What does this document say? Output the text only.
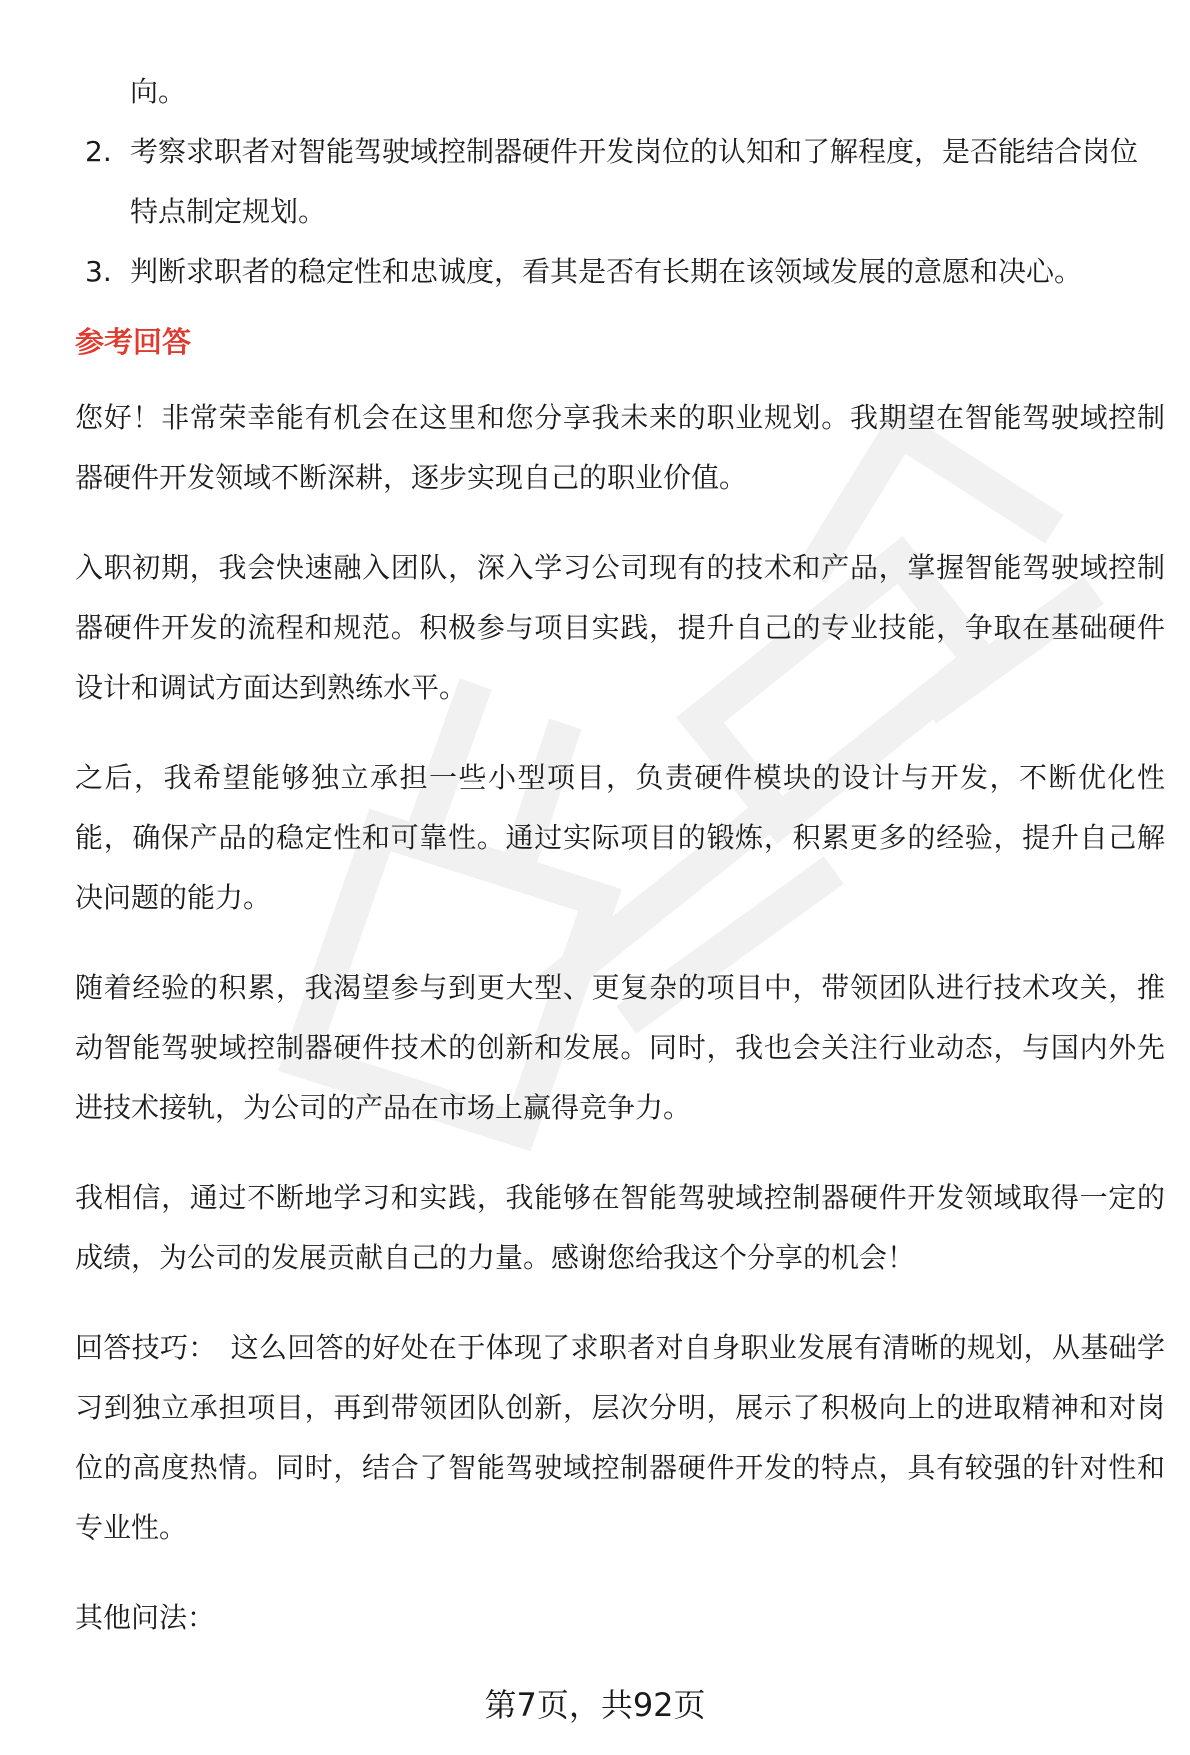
向。
2. 考察求职者对智能驾驶域控制器硬件开发岗位的认知和了解程度，是否能结合岗位特点制定规划。
3. 判断求职者的稳定性和忠诚度，看其是否有长期在该领域发展的意愿和决心。
参考回答

您好！非常荣幸能有机会在这里和您分享我未来的职业规划。我期望在智能驾驶域控制器硬件开发领域不断深耕，逐步实现自己的职业价值。

入职初期，我会快速融入团队，深入学习公司现有的技术和产品，掌握智能驾驶域控制器硬件开发的流程和规范。积极参与项目实践，提升自己的专业技能，争取在基础硬件设计和调试方面达到熟练水平。

之后，我希望能够独立承担一些小型项目，负责硬件模块的设计与开发，不断优化性能，确保产品的稳定性和可靠性。通过实际项目的锻炼，积累更多的经验，提升自己解决问题的能力。

随着经验的积累，我渴望参与到更大型、更复杂的项目中，带领团队进行技术攻关，推动智能驾驶域控制器硬件技术的创新和发展。同时，我也会关注行业动态，与国内外先进技术接轨，为公司的产品在市场上赢得竞争力。

我相信，通过不断地学习和实践，我能够在智能驾驶域控制器硬件开发领域取得一定的成绩，为公司的发展贡献自己的力量。感谢您给我这个分享的机会！

回答技巧： 这么回答的好处在于体现了求职者对自身职业发展有清晰的规划，从基础学习到独立承担项目，再到带领团队创新，层次分明，展示了积极向上的进取精神和对岗位的高度热情。同时，结合了智能驾驶域控制器硬件开发的特点，具有较强的针对性和专业性。

其他问法：

第7页，共92页
